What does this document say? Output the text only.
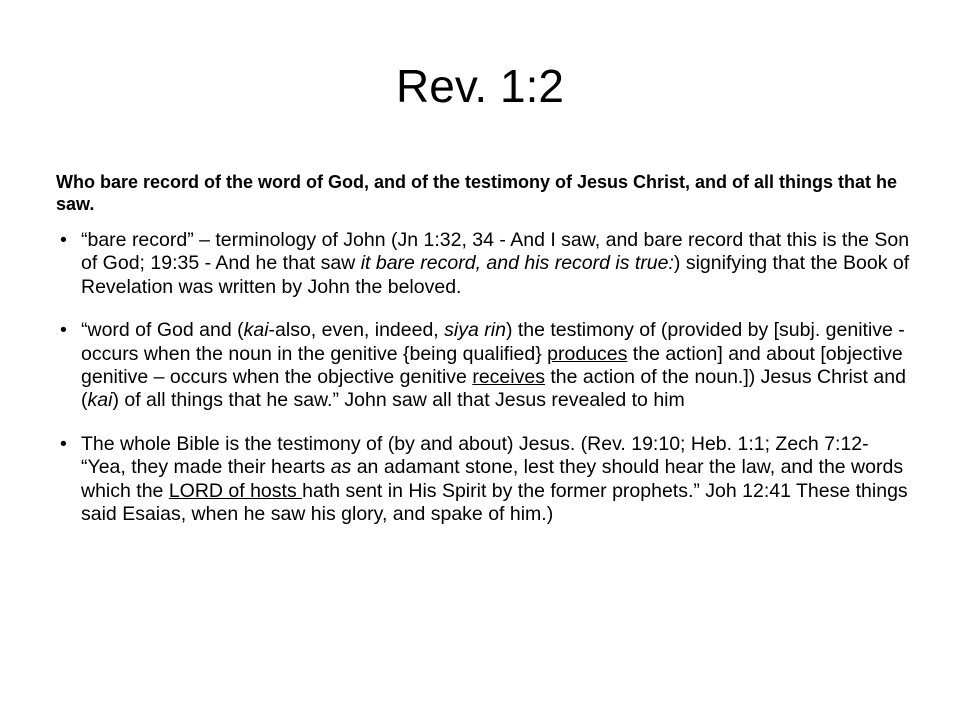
Rev. 1:2
Who bare record of the word of God, and of the testimony of Jesus Christ, and of all things that he saw.
• “bare record” – terminology of John (Jn 1:32, 34 - And I saw, and bare record that this is the Son of God; 19:35 - And he that saw it bare record, and his record is true:) signifying that the Book of Revelation was written by John the beloved.
• “word of God and (kai-also, even, indeed, siya rin) the testimony of (provided by [subj. genitive - occurs when the noun in the genitive {being qualified} produces the action] and about [objective genitive – occurs when the objective genitive receives the action of the noun.]) Jesus Christ and (kai) of all things that he saw.” John saw all that Jesus revealed to him
• The whole Bible is the testimony of (by and about) Jesus. (Rev. 19:10; Heb. 1:1; Zech 7:12- “Yea, they made their hearts as an adamant stone, lest they should hear the law, and the words which the LORD of hosts hath sent in His Spirit by the former prophets.” Joh 12:41 These things said Esaias, when he saw his glory, and spake of him.)
